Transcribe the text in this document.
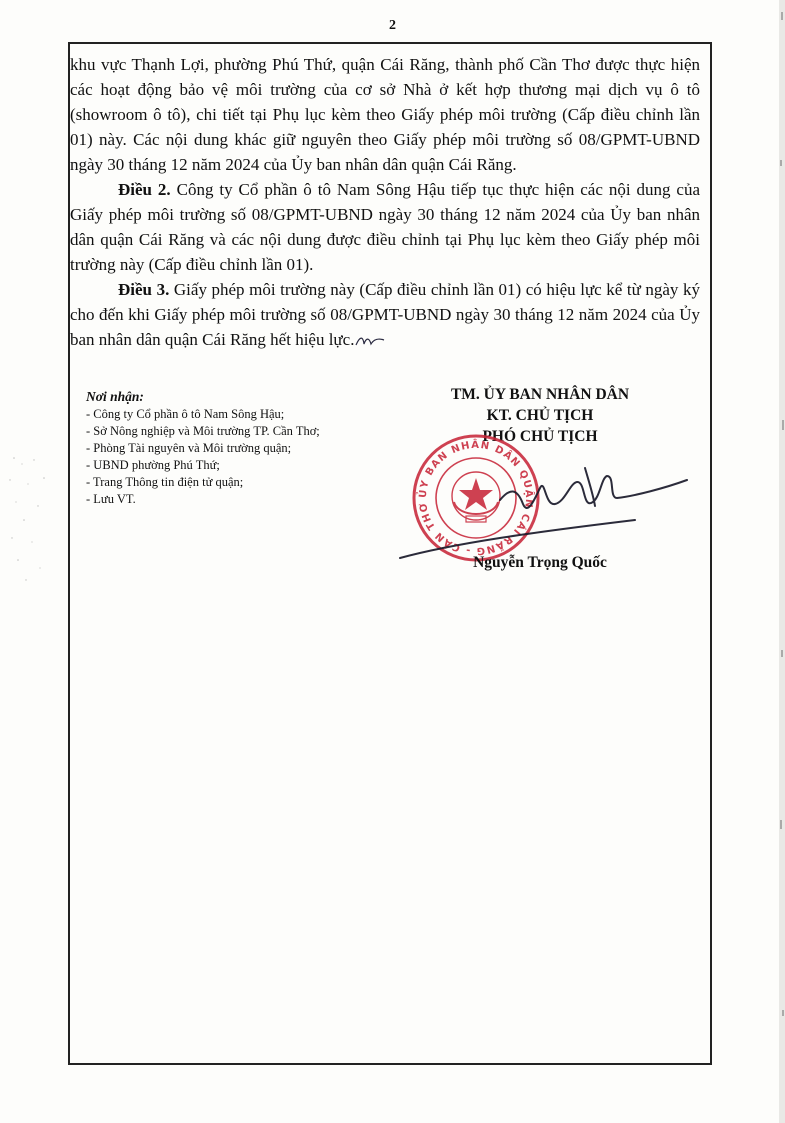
2

khu vực Thạnh Lợi, phường Phú Thứ, quận Cái Răng, thành phố Cần Thơ được thực hiện các hoạt động bảo vệ môi trường của cơ sở Nhà ở kết hợp thương mại dịch vụ ô tô (showroom ô tô), chi tiết tại Phụ lục kèm theo Giấy phép môi trường (Cấp điều chỉnh lần 01) này. Các nội dung khác giữ nguyên theo Giấy phép môi trường số 08/GPMT-UBND ngày 30 tháng 12 năm 2024 của Ủy ban nhân dân quận Cái Răng.

Điều 2. Công ty Cổ phần ô tô Nam Sông Hậu tiếp tục thực hiện các nội dung của Giấy phép môi trường số 08/GPMT-UBND ngày 30 tháng 12 năm 2024 của Ủy ban nhân dân quận Cái Răng và các nội dung được điều chỉnh tại Phụ lục kèm theo Giấy phép môi trường này (Cấp điều chỉnh lần 01).

Điều 3. Giấy phép môi trường này (Cấp điều chỉnh lần 01) có hiệu lực kể từ ngày ký cho đến khi Giấy phép môi trường số 08/GPMT-UBND ngày 30 tháng 12 năm 2024 của Ủy ban nhân dân quận Cái Răng hết hiệu lực.

Nơi nhận:
- Công ty Cổ phần ô tô Nam Sông Hậu;
- Sở Nông nghiệp và Môi trường TP. Cần Thơ;
- Phòng Tài nguyên và Môi trường quận;
- UBND phường Phú Thứ;
- Trang Thông tin điện tử quận;
- Lưu VT.
TM. ỦY BAN NHÂN DÂN
KT. CHỦ TỊCH
PHÓ CHỦ TỊCH
ỦY BAN NHÂN DÂN QUẬN CÁI RĂNG - CẦN THƠ
Nguyễn Trọng Quốc
